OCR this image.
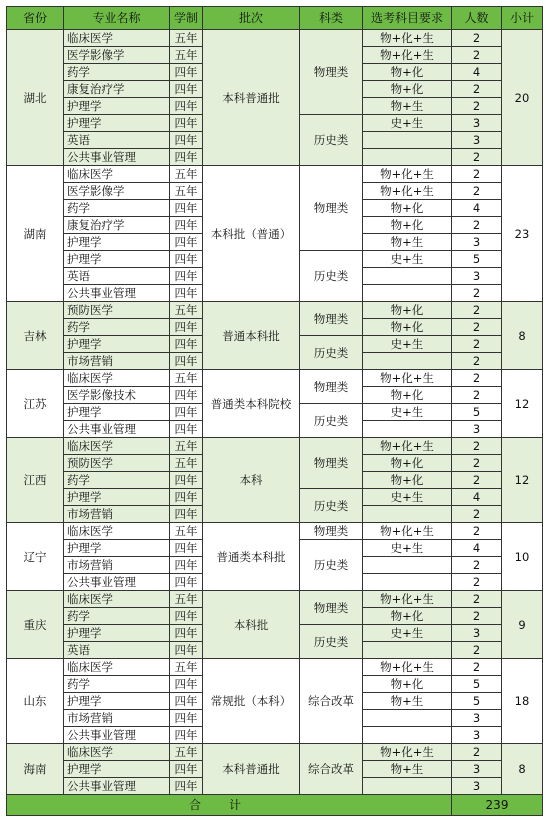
省份	专业名称	学制	批次	科类	选考科目要求	人数	小计
湖北	临床医学	五年	本科普通批	物理类	物+化+生	2	20
	医学影像学	五年			物+化+生	2	
	药学	四年			物+化	4	
	康复治疗学	四年			物+化	2	
	护理学	四年			物+生	2	
	护理学	四年		历史类	史+生	3	
	英语	四年				3	
	公共事业管理	四年				2	
湖南	临床医学	五年	本科批（普通）	物理类	物+化+生	2	23
	医学影像学	五年			物+化+生	2	
	药学	四年			物+化	4	
	康复治疗学	四年			物+化	2	
	护理学	四年			物+生	3	
	护理学	四年		历史类	史+生	5	
	英语	四年				3	
	公共事业管理	四年				2	
吉林	预防医学	五年	普通本科批	物理类	物+化	2	8
	药学	四年			物+化	2	
	护理学	四年		历史类	史+生	2	
	市场营销	四年				2	
江苏	临床医学	五年	普通类本科院校	物理类	物+化+生	2	12
	医学影像技术	四年			物+化	2	
	护理学	四年		历史类	史+生	5	
	公共事业管理	四年				3	
江西	临床医学	五年	本科	物理类	物+化+生	2	12
	预防医学	五年			物+化	2	
	药学	四年			物+化	2	
	护理学	四年		历史类	史+生	4	
	市场营销	四年				2	
辽宁	临床医学	五年	普通类本科批	物理类	物+化+生	2	10
	护理学	四年		历史类	史+生	4	
	市场营销	四年				2	
	公共事业管理	四年				2	
重庆	临床医学	五年	本科批	物理类	物+化+生	2	9
	药学	四年			物+化	2	
	护理学	四年		历史类	史+生	3	
	英语	四年				2	
山东	临床医学	五年	常规批（本科）	综合改革	物+化+生	2	18
	药学	四年			物+化	5	
	护理学	四年			物+生	5	
	市场营销	四年				3	
	公共事业管理	四年				3	
海南	临床医学	五年	本科普通批	综合改革	物+化+生	2	8
	护理学	四年			物+生	3	
	公共事业管理	四年				3	
合计						239	
